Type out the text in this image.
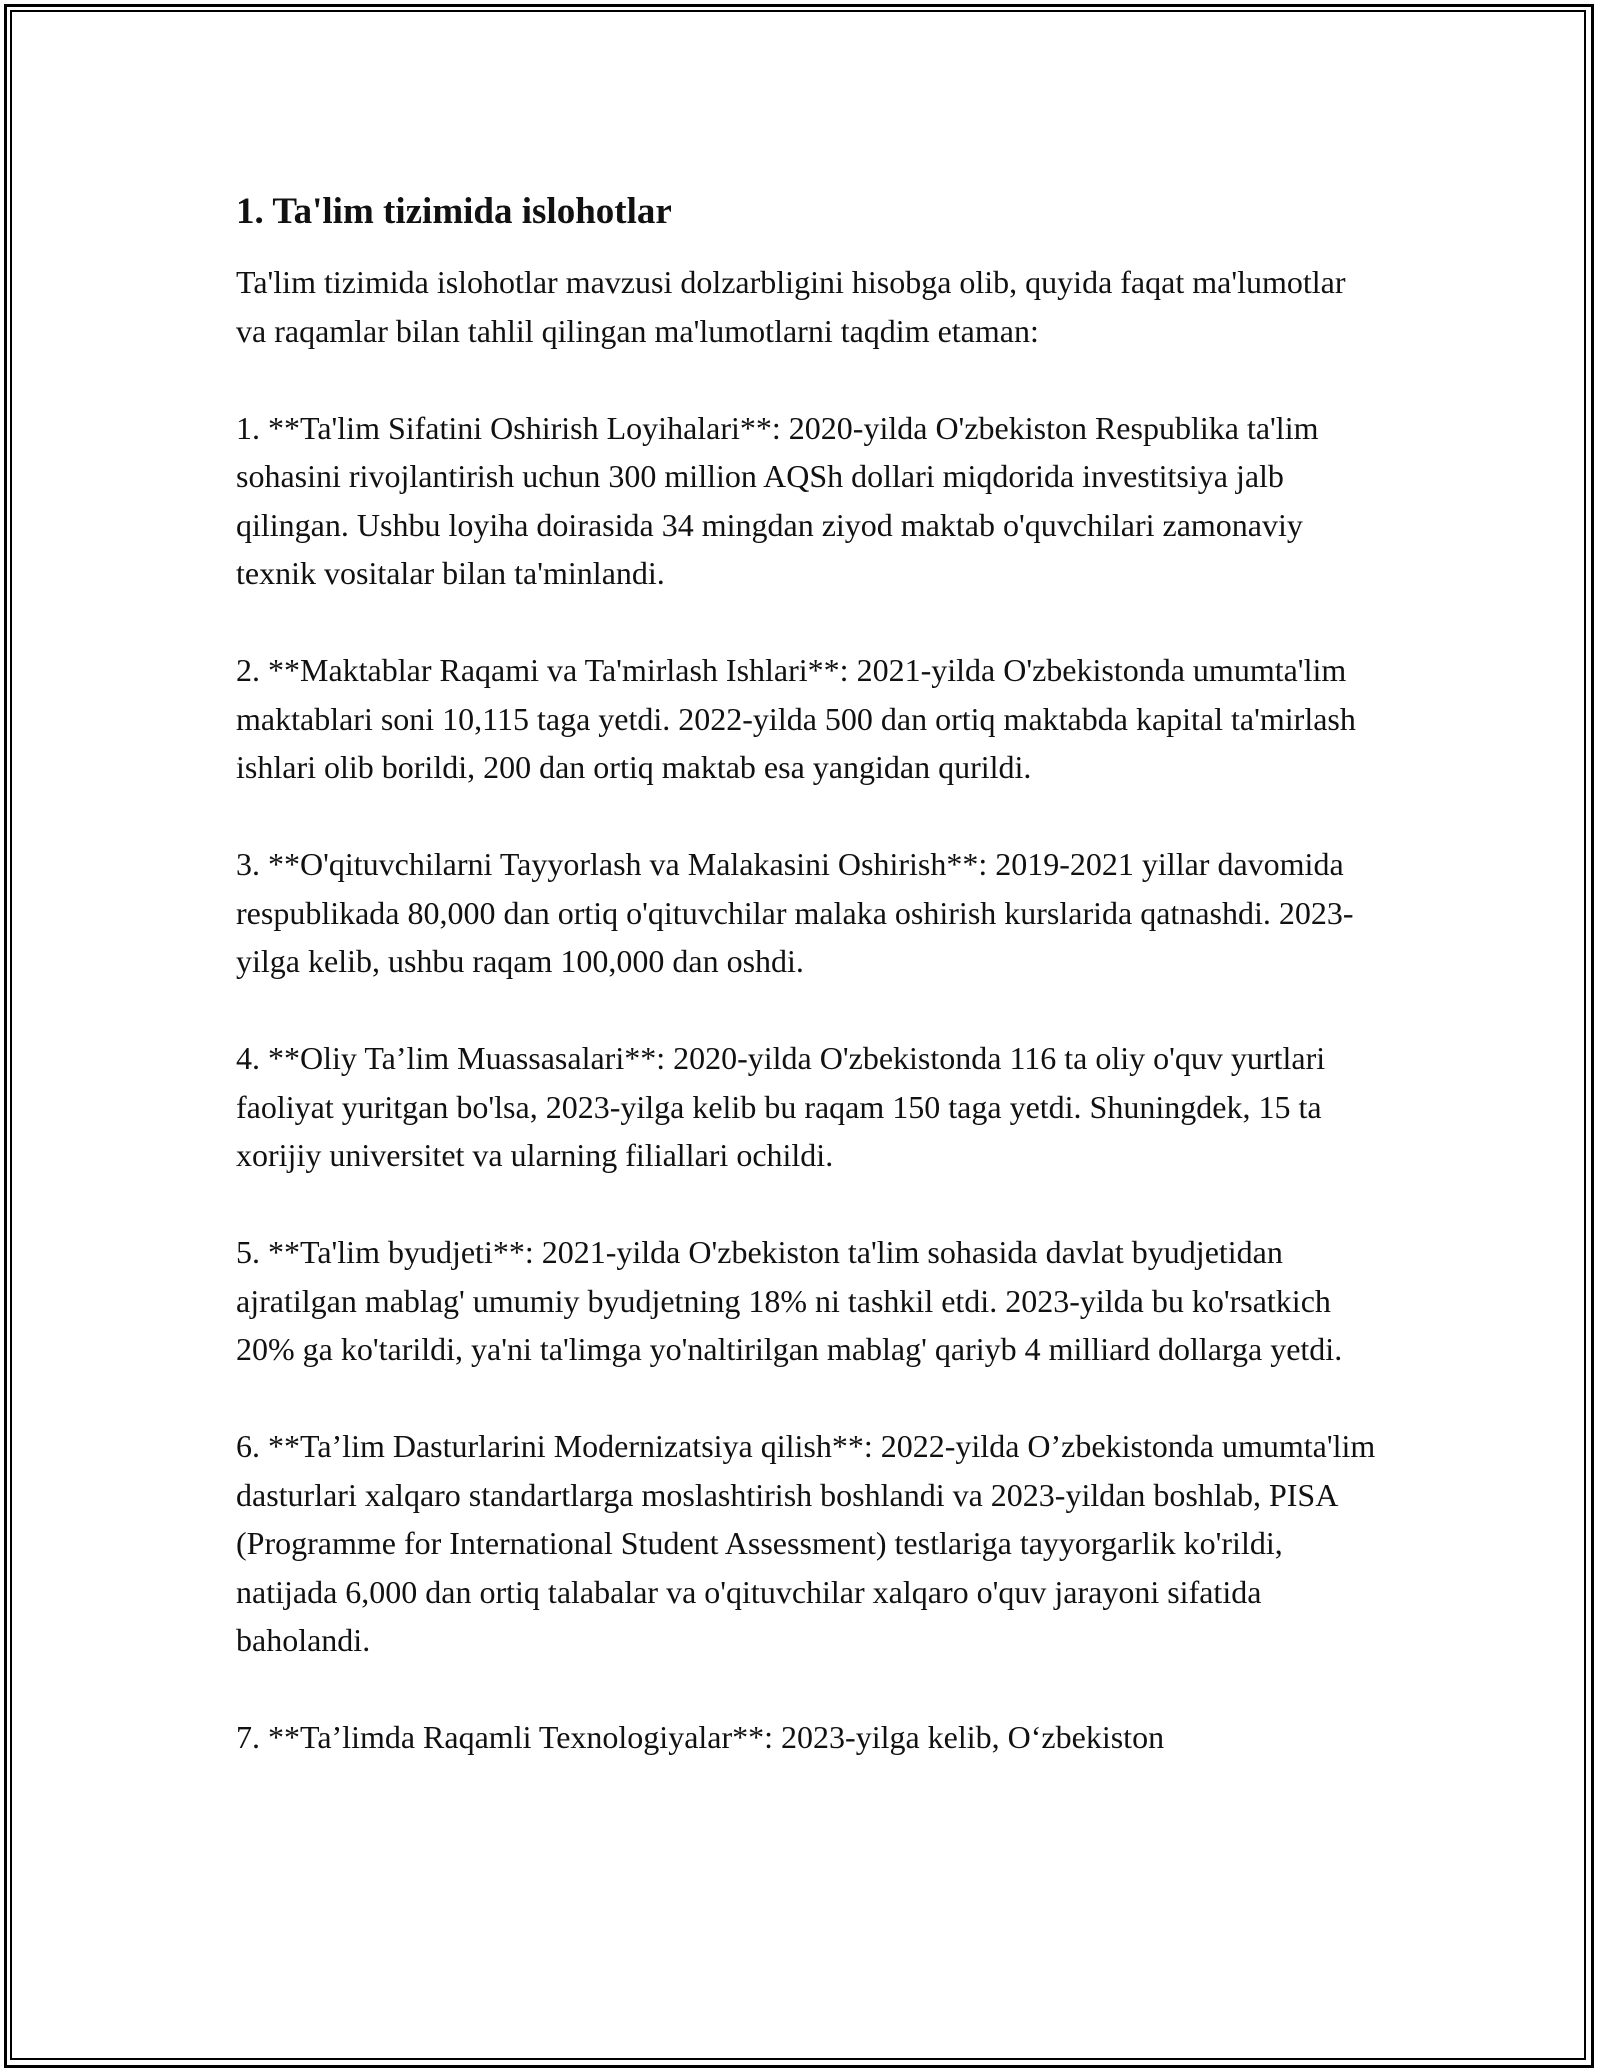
1. Ta'lim tizimida islohotlar

Ta'lim tizimida islohotlar mavzusi dolzarbligini hisobga olib, quyida faqat ma'lumotlar va raqamlar bilan tahlil qilingan ma'lumotlarni taqdim etaman:

1. **Ta'lim Sifatini Oshirish Loyihalari**: 2020-yilda O'zbekiston Respublika ta'lim sohasini rivojlantirish uchun 300 million AQSh dollari miqdorida investitsiya jalb qilingan. Ushbu loyiha doirasida 34 mingdan ziyod maktab o'quvchilari zamonaviy texnik vositalar bilan ta'minlandi.

2. **Maktablar Raqami va Ta'mirlash Ishlari**: 2021-yilda O'zbekistonda umumta'lim maktablari soni 10,115 taga yetdi. 2022-yilda 500 dan ortiq maktabda kapital ta'mirlash ishlari olib borildi, 200 dan ortiq maktab esa yangidan qurildi.

3. **O'qituvchilarni Tayyorlash va Malakasini Oshirish**: 2019-2021 yillar davomida respublikada 80,000 dan ortiq o'qituvchilar malaka oshirish kurslarida qatnashdi. 2023-yilga kelib, ushbu raqam 100,000 dan oshdi.

4. **Oliy Ta’lim Muassasalari**: 2020-yilda O'zbekistonda 116 ta oliy o'quv yurtlari faoliyat yuritgan bo'lsa, 2023-yilga kelib bu raqam 150 taga yetdi. Shuningdek, 15 ta xorijiy universitet va ularning filiallari ochildi.

5. **Ta'lim byudjeti**: 2021-yilda O'zbekiston ta'lim sohasida davlat byudjetidan ajratilgan mablag' umumiy byudjetning 18% ni tashkil etdi. 2023-yilda bu ko'rsatkich 20% ga ko'tarildi, ya'ni ta'limga yo'naltirilgan mablag' qariyb 4 milliard dollarga yetdi.

6. **Ta’lim Dasturlarini Modernizatsiya qilish**: 2022-yilda O’zbekistonda umumta'lim dasturlari xalqaro standartlarga moslashtirish boshlandi va 2023-yildan boshlab, PISA (Programme for International Student Assessment) testlariga tayyorgarlik ko'rildi, natijada 6,000 dan ortiq talabalar va o'qituvchilar xalqaro o'quv jarayoni sifatida baholandi.

7. **Ta’limda Raqamli Texnologiyalar**: 2023-yilga kelib, O‘zbekiston
